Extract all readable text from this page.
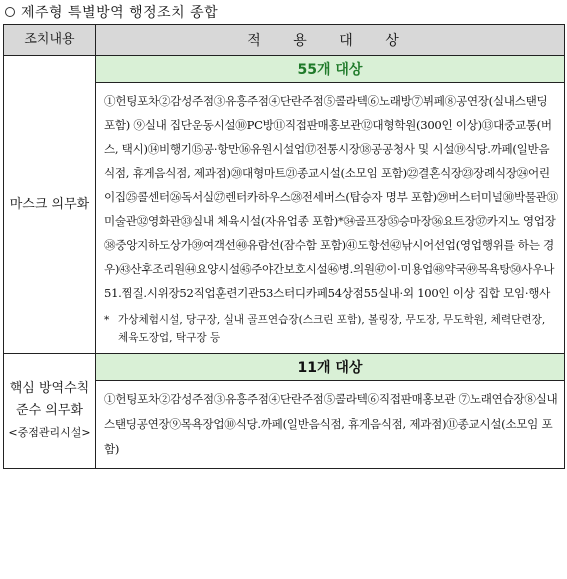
제주형 특별방역 행정조치 종합
조치내용	적 용 대 상
마스크 의무화	55개 대상

	①헌팅포차②감성주점③유흥주점④단란주점⑤콜라텍⑥노래방⑦뷔페⑧공연장(실내스탠딩포함) ⑨실내 집단운동시설⑩PC방⑪직접판매홍보관⑫대형학원(300인 이상)⑬대중교통(버스, 택시)⑭비행기⑮공·항만⑯유원시설업⑰전통시장⑱공공청사 및 시설⑲식당.까페(일반음식점, 휴게음식점, 제과점)⑳대형마트㉑종교시설(소모임 포함)㉒결혼식장㉓장례식장㉔어린이집㉕콜센터㉖독서실㉗렌터카하우스㉘전세버스(탑승자 명부 포함)㉙버스터미널㉚박물관㉛미술관㉜영화관㉝실내 체육시설(자유업종 포함)*㉞골프장㉟승마장㊱요트장㊲카지노 영업장㊳중앙지하도상가㊴여객선㊵유람선(잠수함 포함)㊶도항선㊷낚시어선업(영업행위를 하는 경우)㊸산후조리원㊹요양시설㊺주야간보호시설㊻병.의원㊼이·미용업㊽약국㊾목욕탕㊿사우나51.찜질.시위장52직업훈련기관53스터디카페54상점55실내·외 100인 이상 집합 모임·행사
* 가상체험시설, 당구장, 실내 골프연습장(스크린 포함), 볼링장, 무도장, 무도학원, 체력단련장, 체육도장업, 탁구장 등

핵심 방역수칙
준수 의무화
<중점관리시설>	11개 대상

	①헌팅포차②감성주점③유흥주점④단란주점⑤콜라텍⑥직접판매홍보관 ⑦노래연습장⑧실내 스탠딩공연장⑨목욕장업⑩식당.까페(일반음식점, 휴게음식점, 제과점)⑪종교시설(소모임 포함)
